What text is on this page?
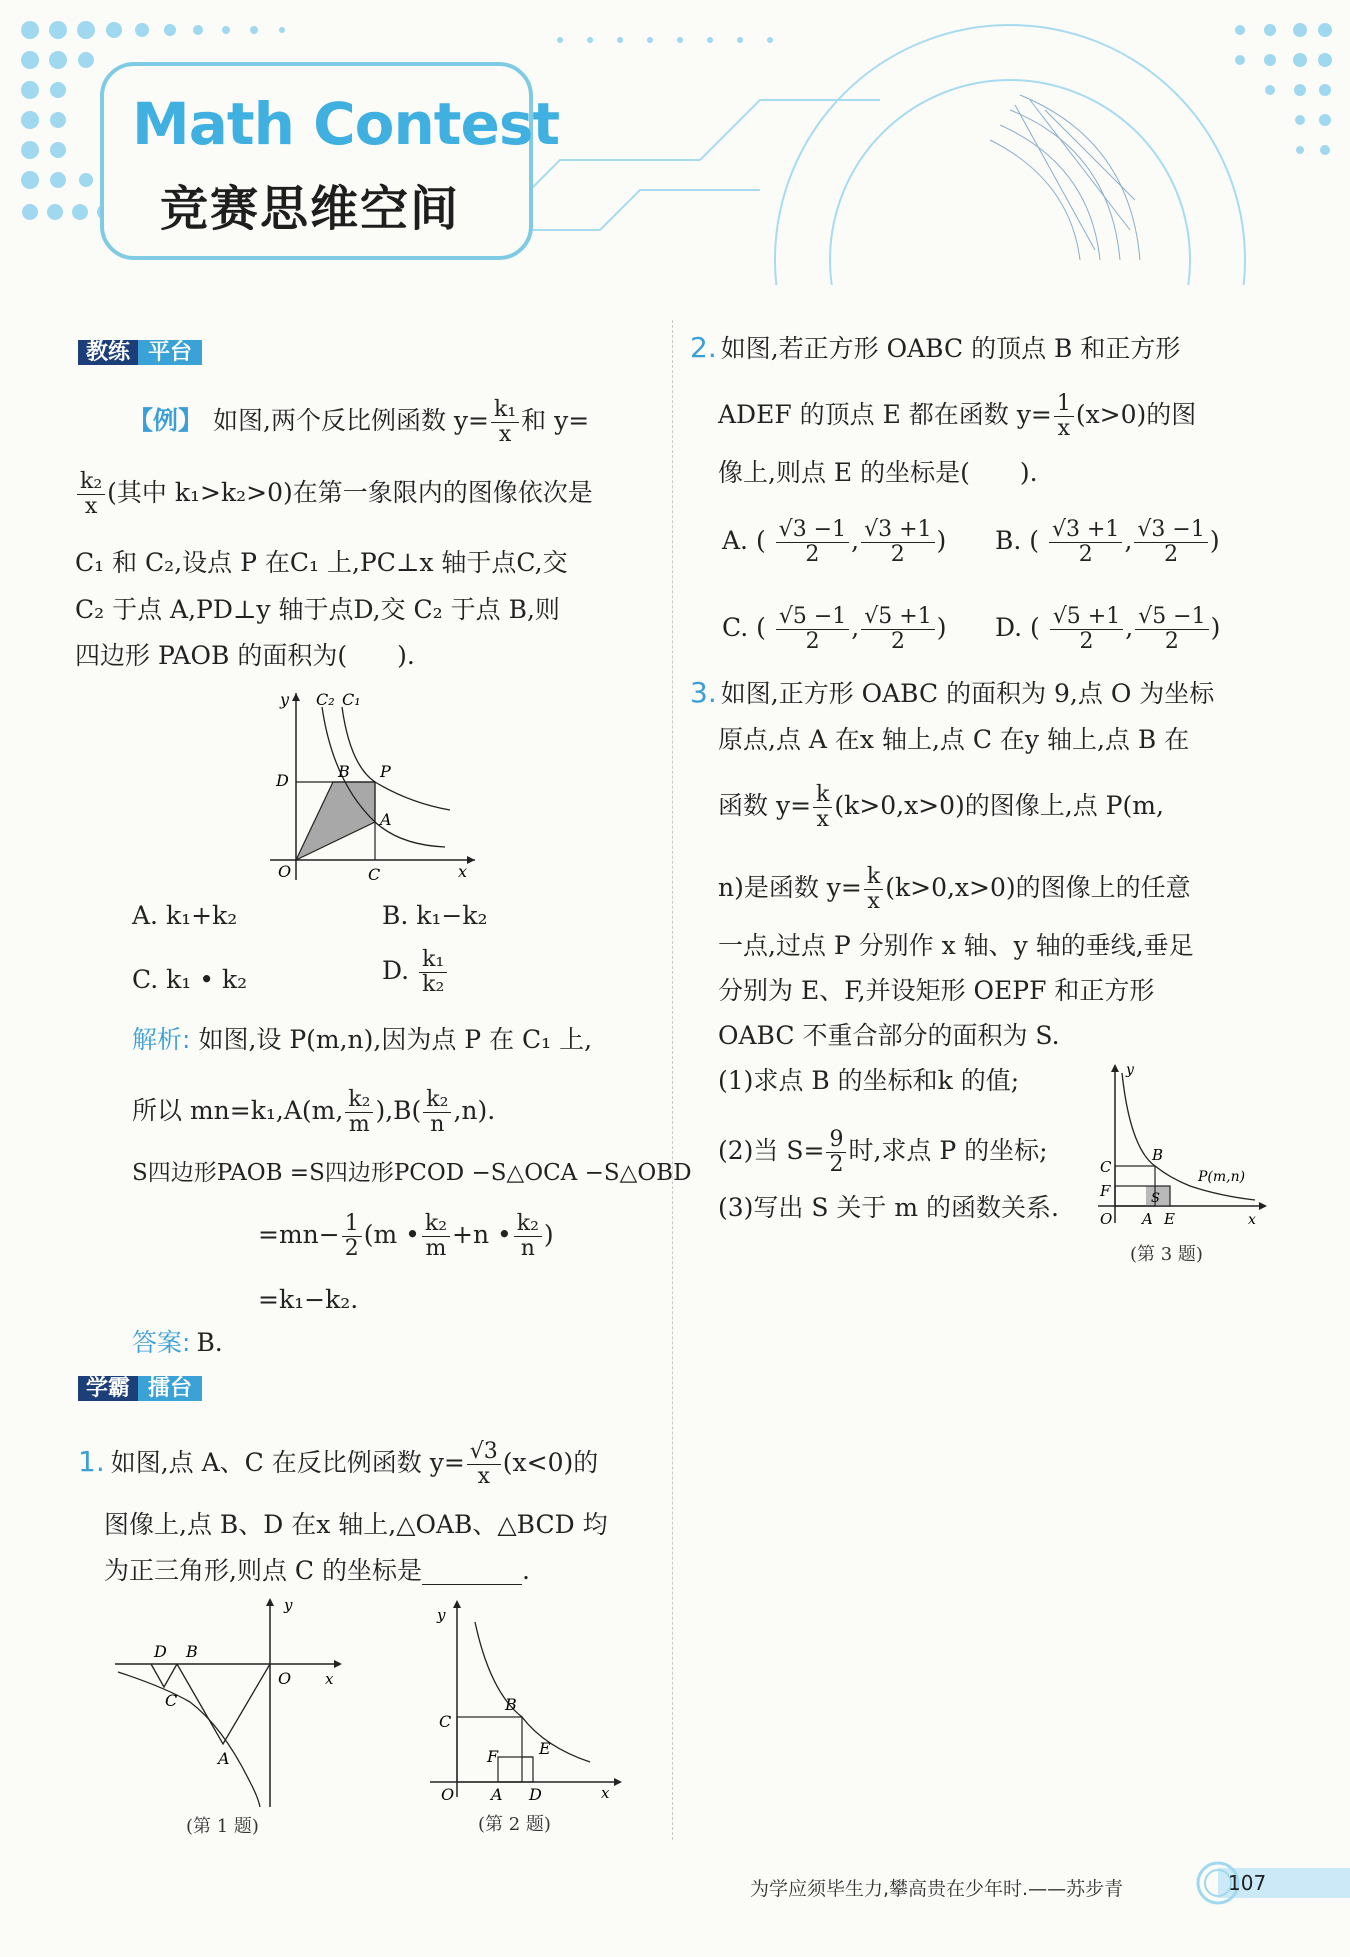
Math Contest
竞赛思维空间
教练 平台
【例】 如图,两个反比例函数 $y= \frac{\text{k₁}}{x}$ 和 y=
$\frac{\text{k₂}}{x}$ (其中 k₁>k₂>0)在第一象限内的图像依次是
C₁ 和 C₂,设点 P 在C₁ 上,PC⊥x 轴于点C,交
C₂ 于点 A,PD⊥y 轴于点D,交 C₂ 于点 B,则
四边形 PAOB 的面积为(　　).
y C₂ C₁
D	B P
A
O	C	x
A. k₁+k₂	B. k₁−k₂
C. k₁ • k₂	D. $\frac{\text{k₁}}{\text{k₂}}$
解析: 如图,设 P(m,n),因为点 P 在 C₁ 上,
所以 mn=k₁,A(m, $\frac{\text{k₂}}{m} ),B( \frac{\text{k₂}}{n} ,n)$.
S四边形PAOB =S四边形PCOD −S△OCA −S△OBD
$=mn- \frac{1}{2} (m$ • $\frac{\text{k₂}}{m} +n$ • $\frac{\text{k₂}}{n}$ )
=k₁−k₂.
答案: B.
学霸 擂台
1. 如图,点 A、C 在反比例函数 $y= \frac{√3}{x} (x<0)$的
图像上,点 B、D 在x 轴上,△OAB、△BCD 均
为正三角形,则点 C 的坐标是________.
y
D B
O x
C
A
(第 1 题)
y
C
B
E
F
O A D	x
(第 2 题)
2. 如图,若正方形 OABC 的顶点 B 和正方形
ADEF 的顶点 E 都在函数 $y= \frac{1}{x} (x>0)$的图
像上,则点 E 的坐标是(　　).
A. ( $\frac{√3 -1}{2}$ , $\frac{√3 +1}{2}$ ) B. ( $\frac{√3 +1}{2}$ , $\frac{√3 -1}{2}$ )
C. ( $\frac{√5 -1}{2}$ , $\frac{√5 +1}{2}$ ) D. ( $\frac{√5 +1}{2}$ , $\frac{√5 -1}{2}$ )
3. 如图,正方形 OABC 的面积为 9,点 O 为坐标
原点,点 A 在x 轴上,点 C 在y 轴上,点 B 在
函数 $y= \frac{k}{x} (k>0,x>0)$的图像上,点 P(m,
n)是函数 $y= \frac{k}{x} (k>0,x>0)$的图像上的任意
一点,过点 P 分别作 x 轴、y 轴的垂线,垂足
分别为 E、F,并设矩形 OEPF 和正方形
OABC 不重合部分的面积为 S.
(1)求点 B 的坐标和k 的值;
(2)当 $S= \frac{9}{2}$ 时,求点 P 的坐标;
(3)写出 S 关于 m 的函数关系.
y
C
F
B
P(m,n)
S
O A E	x
(第 3 题)
为学应须毕生力,攀高贵在少年时.——苏步青	107
